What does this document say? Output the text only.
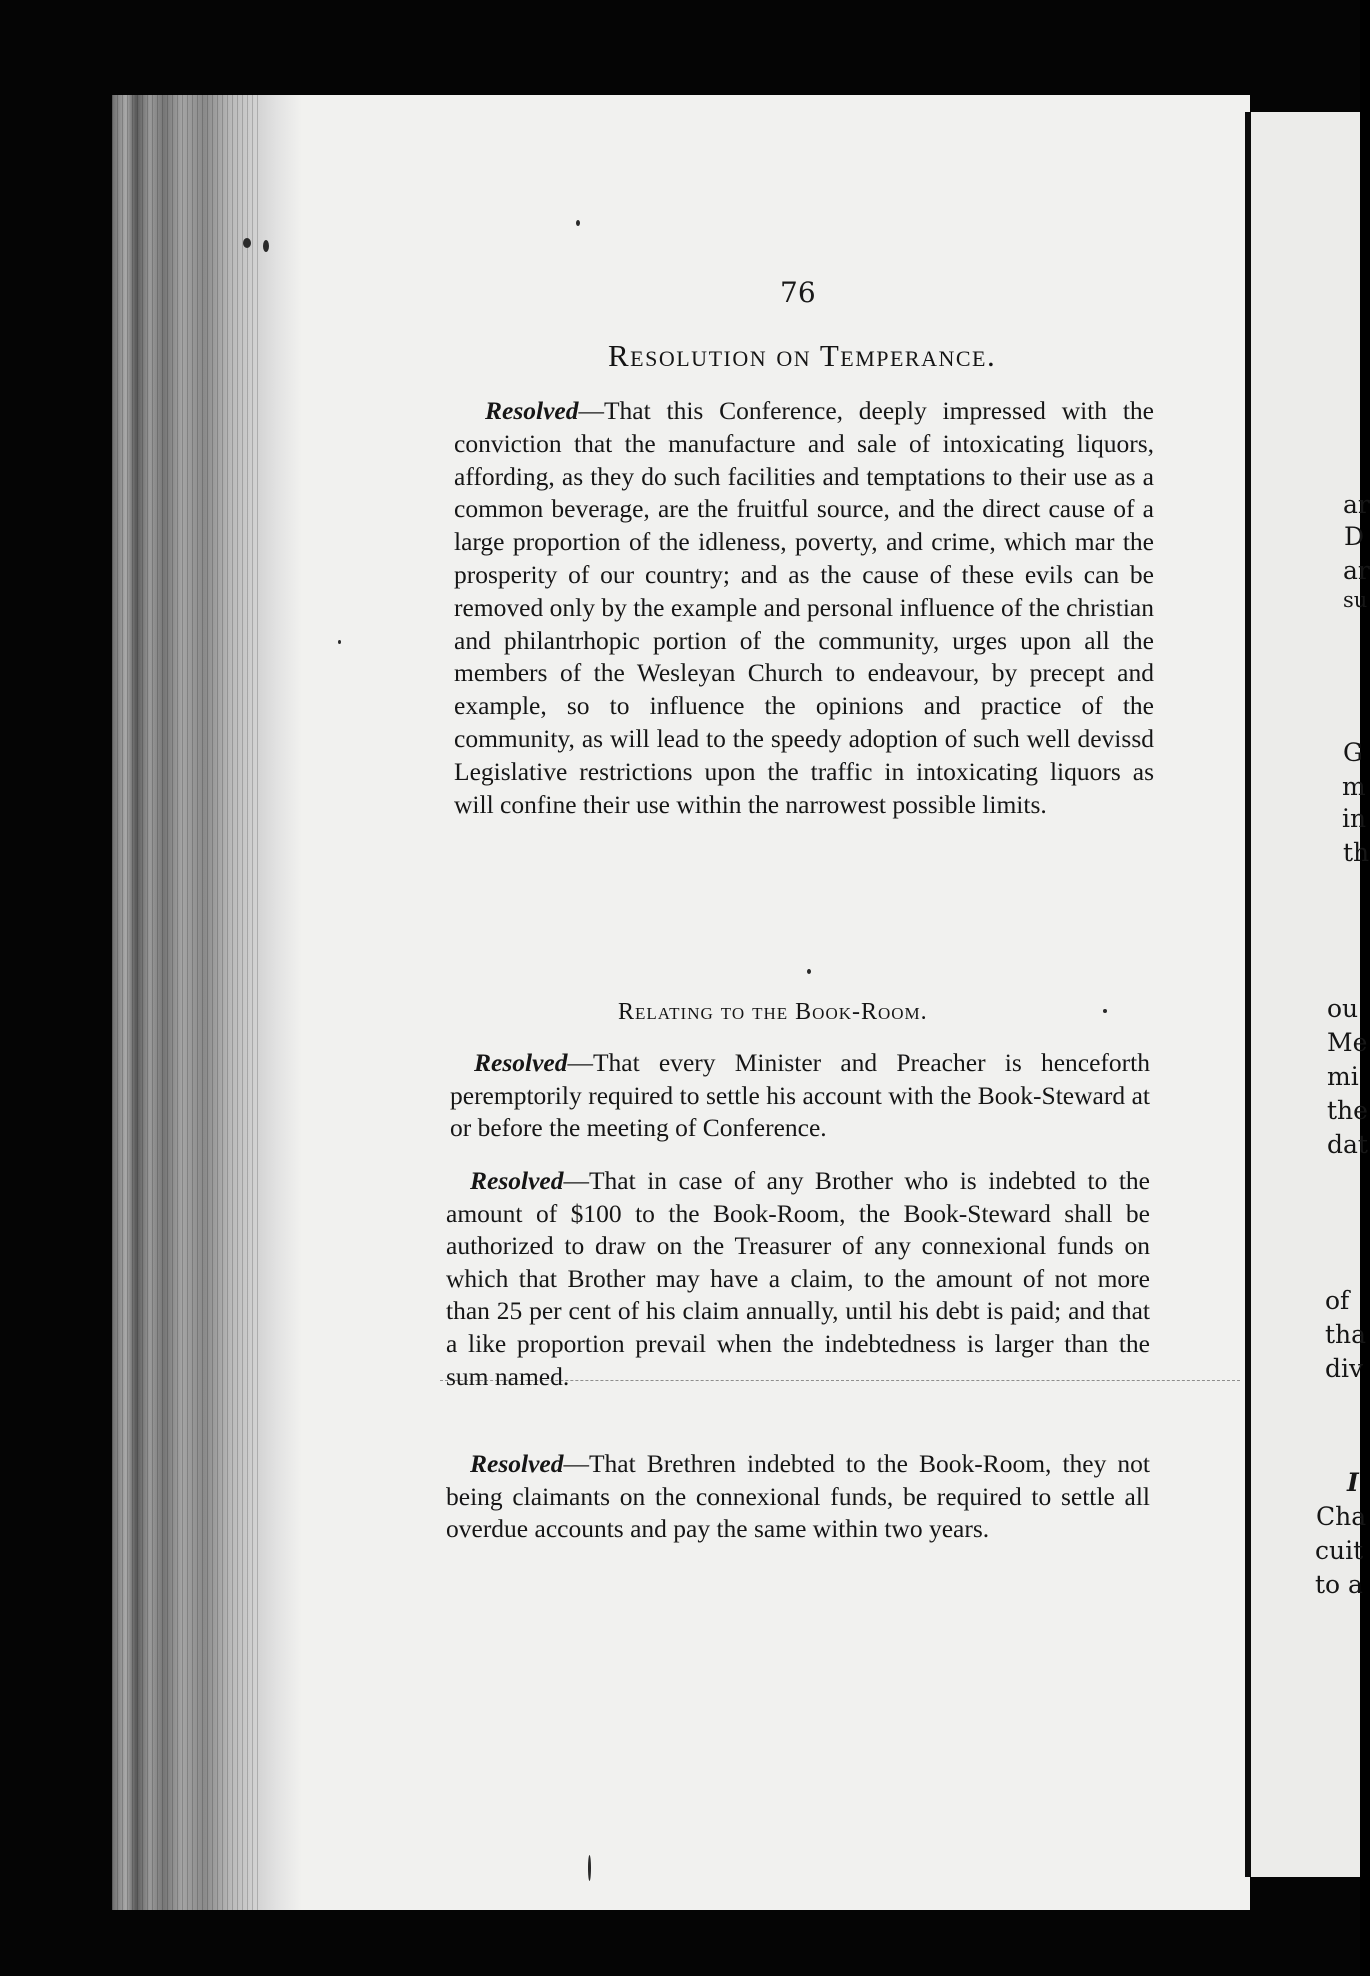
ar
D
ar
su
G
m
in
th
ou
Me
mi
the
dat
of
tha
div
I
Cha
cuit
to a
76
Resolution on Temperance.

Resolved—That this Conference, deeply impressed with the conviction that the manufacture and sale of intoxicating liquors, affording, as they do such facilities and temptations to their use as a common beverage, are the fruitful source, and the direct cause of a large proportion of the idleness, poverty, and crime, which mar the prosperity of our country; and as the cause of these evils can be removed only by the example and personal influence of the christian and philantrhopic portion of the community, urges upon all the members of the Wesleyan Church to endeavour, by precept and example, so to influence the opinions and practice of the community, as will lead to the speedy adoption of such well devissd Legislative restrictions upon the traffic in intoxicating liquors as will confine their use within the narrowest possible limits.

Relating to the Book-Room.

Resolved—That every Minister and Preacher is henceforth peremptorily required to settle his account with the Book-Steward at or before the meeting of Conference.

Resolved—That in case of any Brother who is indebted to the amount of $100 to the Book-Room, the Book-Steward shall be authorized to draw on the Treasurer of any connexional funds on which that Brother may have a claim, to the amount of not more than 25 per cent of his claim annually, until his debt is paid; and that a like proportion prevail when the indebtedness is larger than the sum named.

Resolved—That Brethren indebted to the Book-Room, they not being claimants on the connexional funds, be required to settle all overdue accounts and pay the same within two years.
